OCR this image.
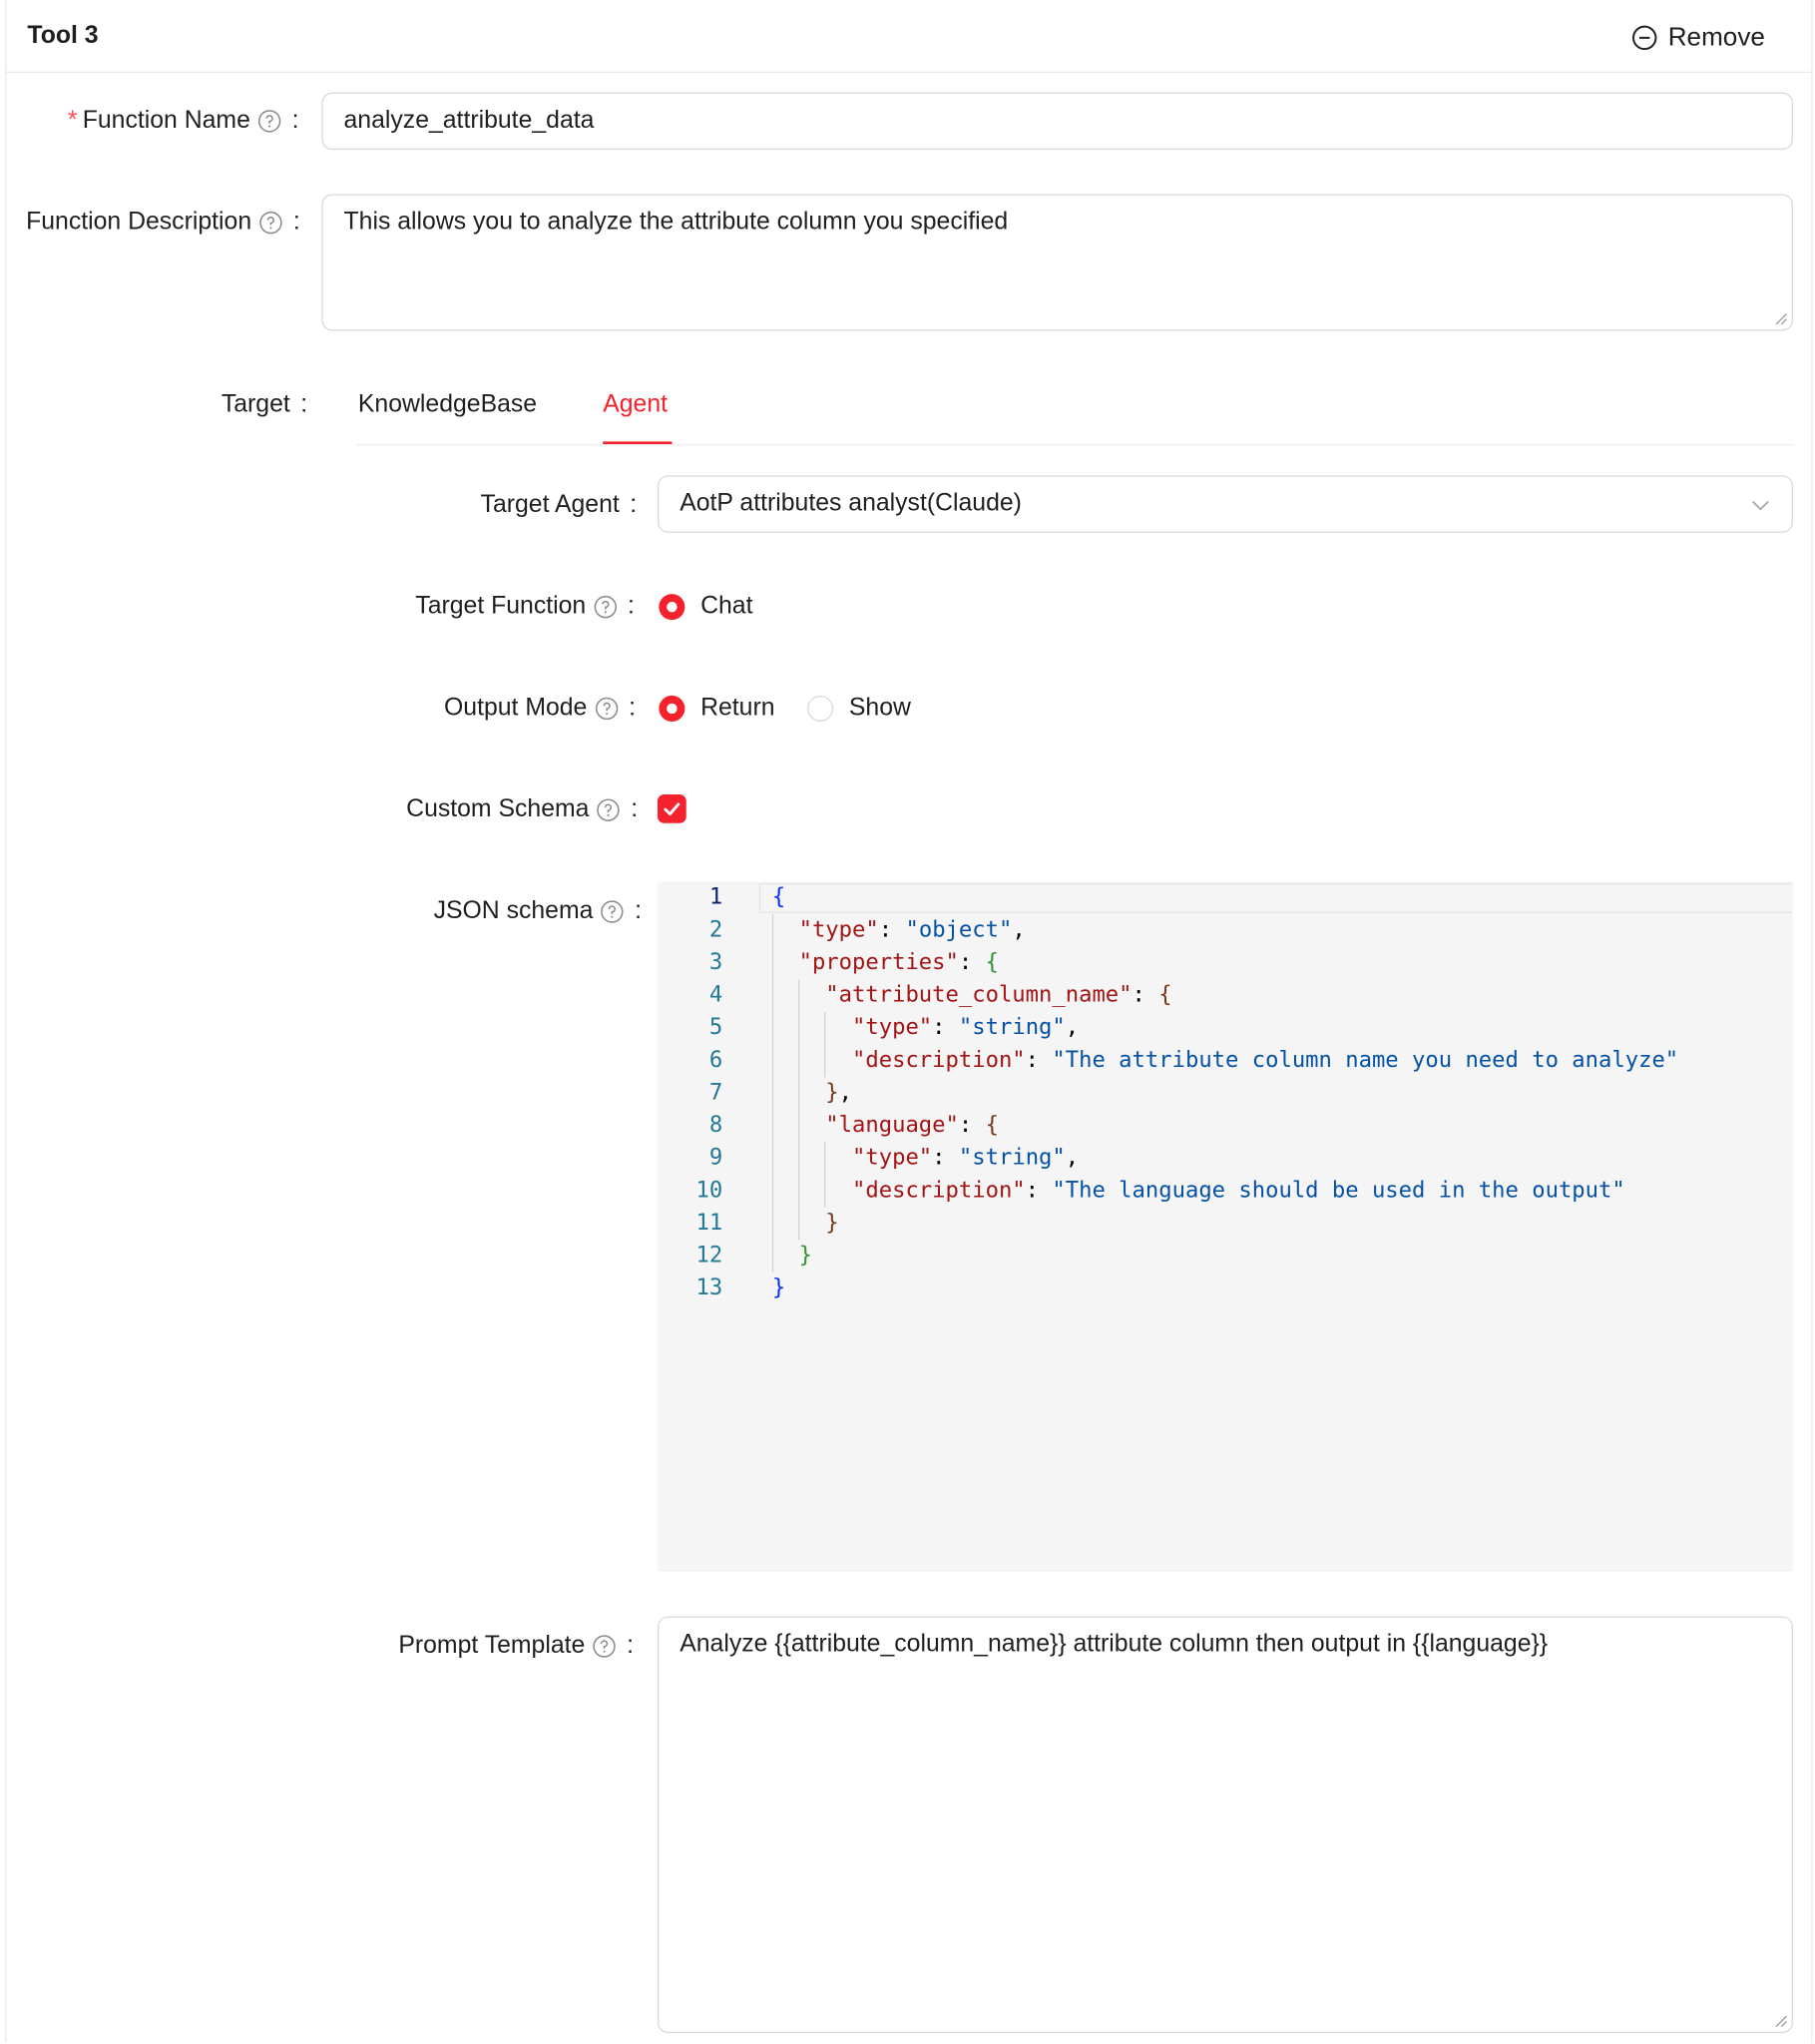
Tool 3	Remove
* Function Name : analyze_attribute_data
Function Description : This allows you to analyze the attribute column you specified
Target :	KnowledgeBase	Agent
Target Agent : AotP attributes analyst(Claude)
Target Function :	Chat
Output Mode :	Return	Show
Custom Schema :
JSON schema :	1
2
3
4
5
6
7
8
9
10
11
12
13
{
"type": "object",
"properties": {
"attribute_column_name": {
"type": "string",
"description": "The attribute column name you need to analyze"
},
"language": {
"type": "string",
"description": "The language should be used in the output"
}
}
}
Prompt Template : Analyze {{attribute_column_name}} attribute column then output in {{language}}
